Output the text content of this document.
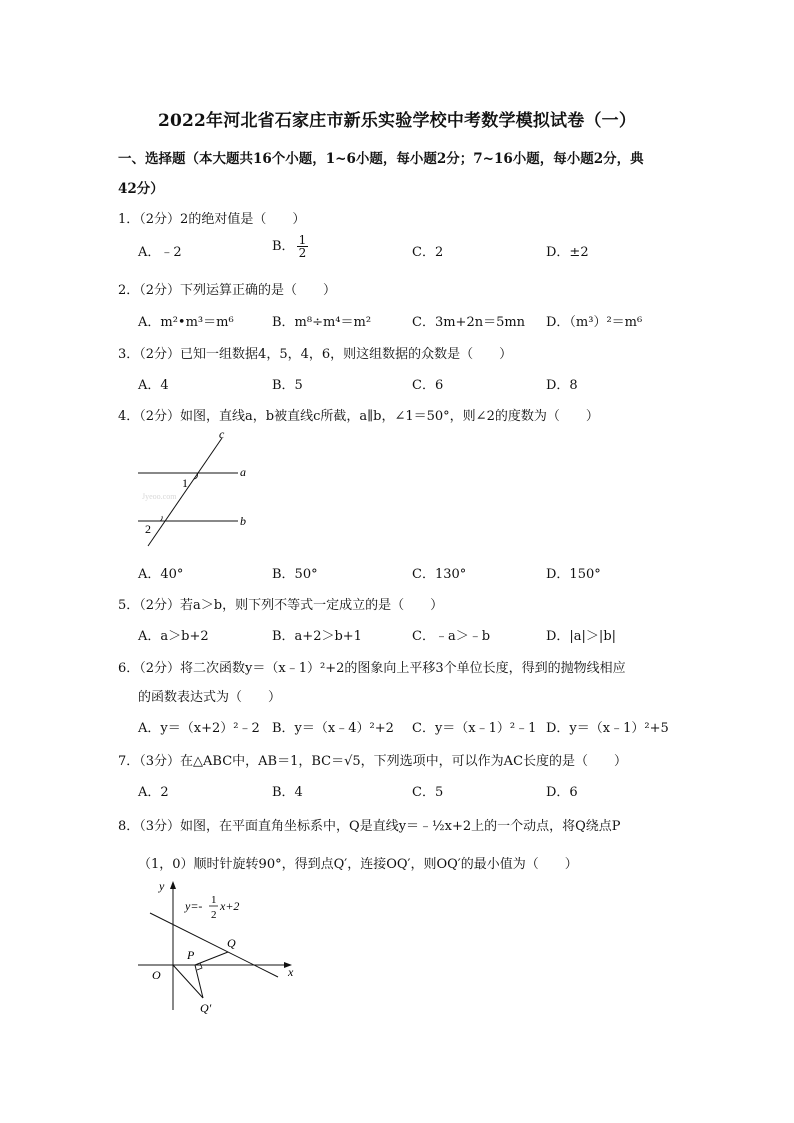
2022年河北省石家庄市新乐实验学校中考数学模拟试卷（一）
一、选择题（本大题共16个小题，1~6小题，每小题2分；7~16小题，每小题2分，典
42分）
1．（2分）2的绝对值是（　　）
A．﹣2	B． $\frac{1}{2}$	C．2	D．±2
2．（2分）下列运算正确的是（　　）
A．m²•m³＝m⁶	B．m⁸÷m⁴＝m²	C．3m+2n＝5mn D．（m³）²＝m⁶
3．（2分）已知一组数据4，5，4，6，则这组数据的众数是（　　）
A．4	B．5	C．6	D．8
4．（2分）如图，直线a，b被直线c所截，a∥b，∠1＝50°，则∠2的度数为（　　）
c
a
b
1
2
Jyeoo.com
A．40°	B．50°	C．130°	D．150°
5．（2分）若a＞b，则下列不等式一定成立的是（　　）
A．a＞b+2	B．a+2＞b+1	C．﹣a＞﹣b	D．|a|＞|b|
6．（2分）将二次函数y＝（x﹣1）²+2的图象向上平移3个单位长度，得到的抛物线相应
的函数表达式为（　　）
A．y＝（x+2）²﹣2 B．y＝（x﹣4）²+2 C．y＝（x﹣1）²﹣1 D．y＝（x﹣1）²+5
7．（3分）在△ABC中，AB＝1，BC＝√5，下列选项中，可以作为AC长度的是（　　）
A．2	B．4	C．5	D．6
8．（3分）如图，在平面直角坐标系中，Q是直线y＝﹣½x+2上的一个动点，将Q绕点P
（1，0）顺时针旋转90°，得到点Q′，连接OQ′，则OQ′的最小值为（　　）
y
x
O
P
Q
Q′
y=- 1
2
x+2
